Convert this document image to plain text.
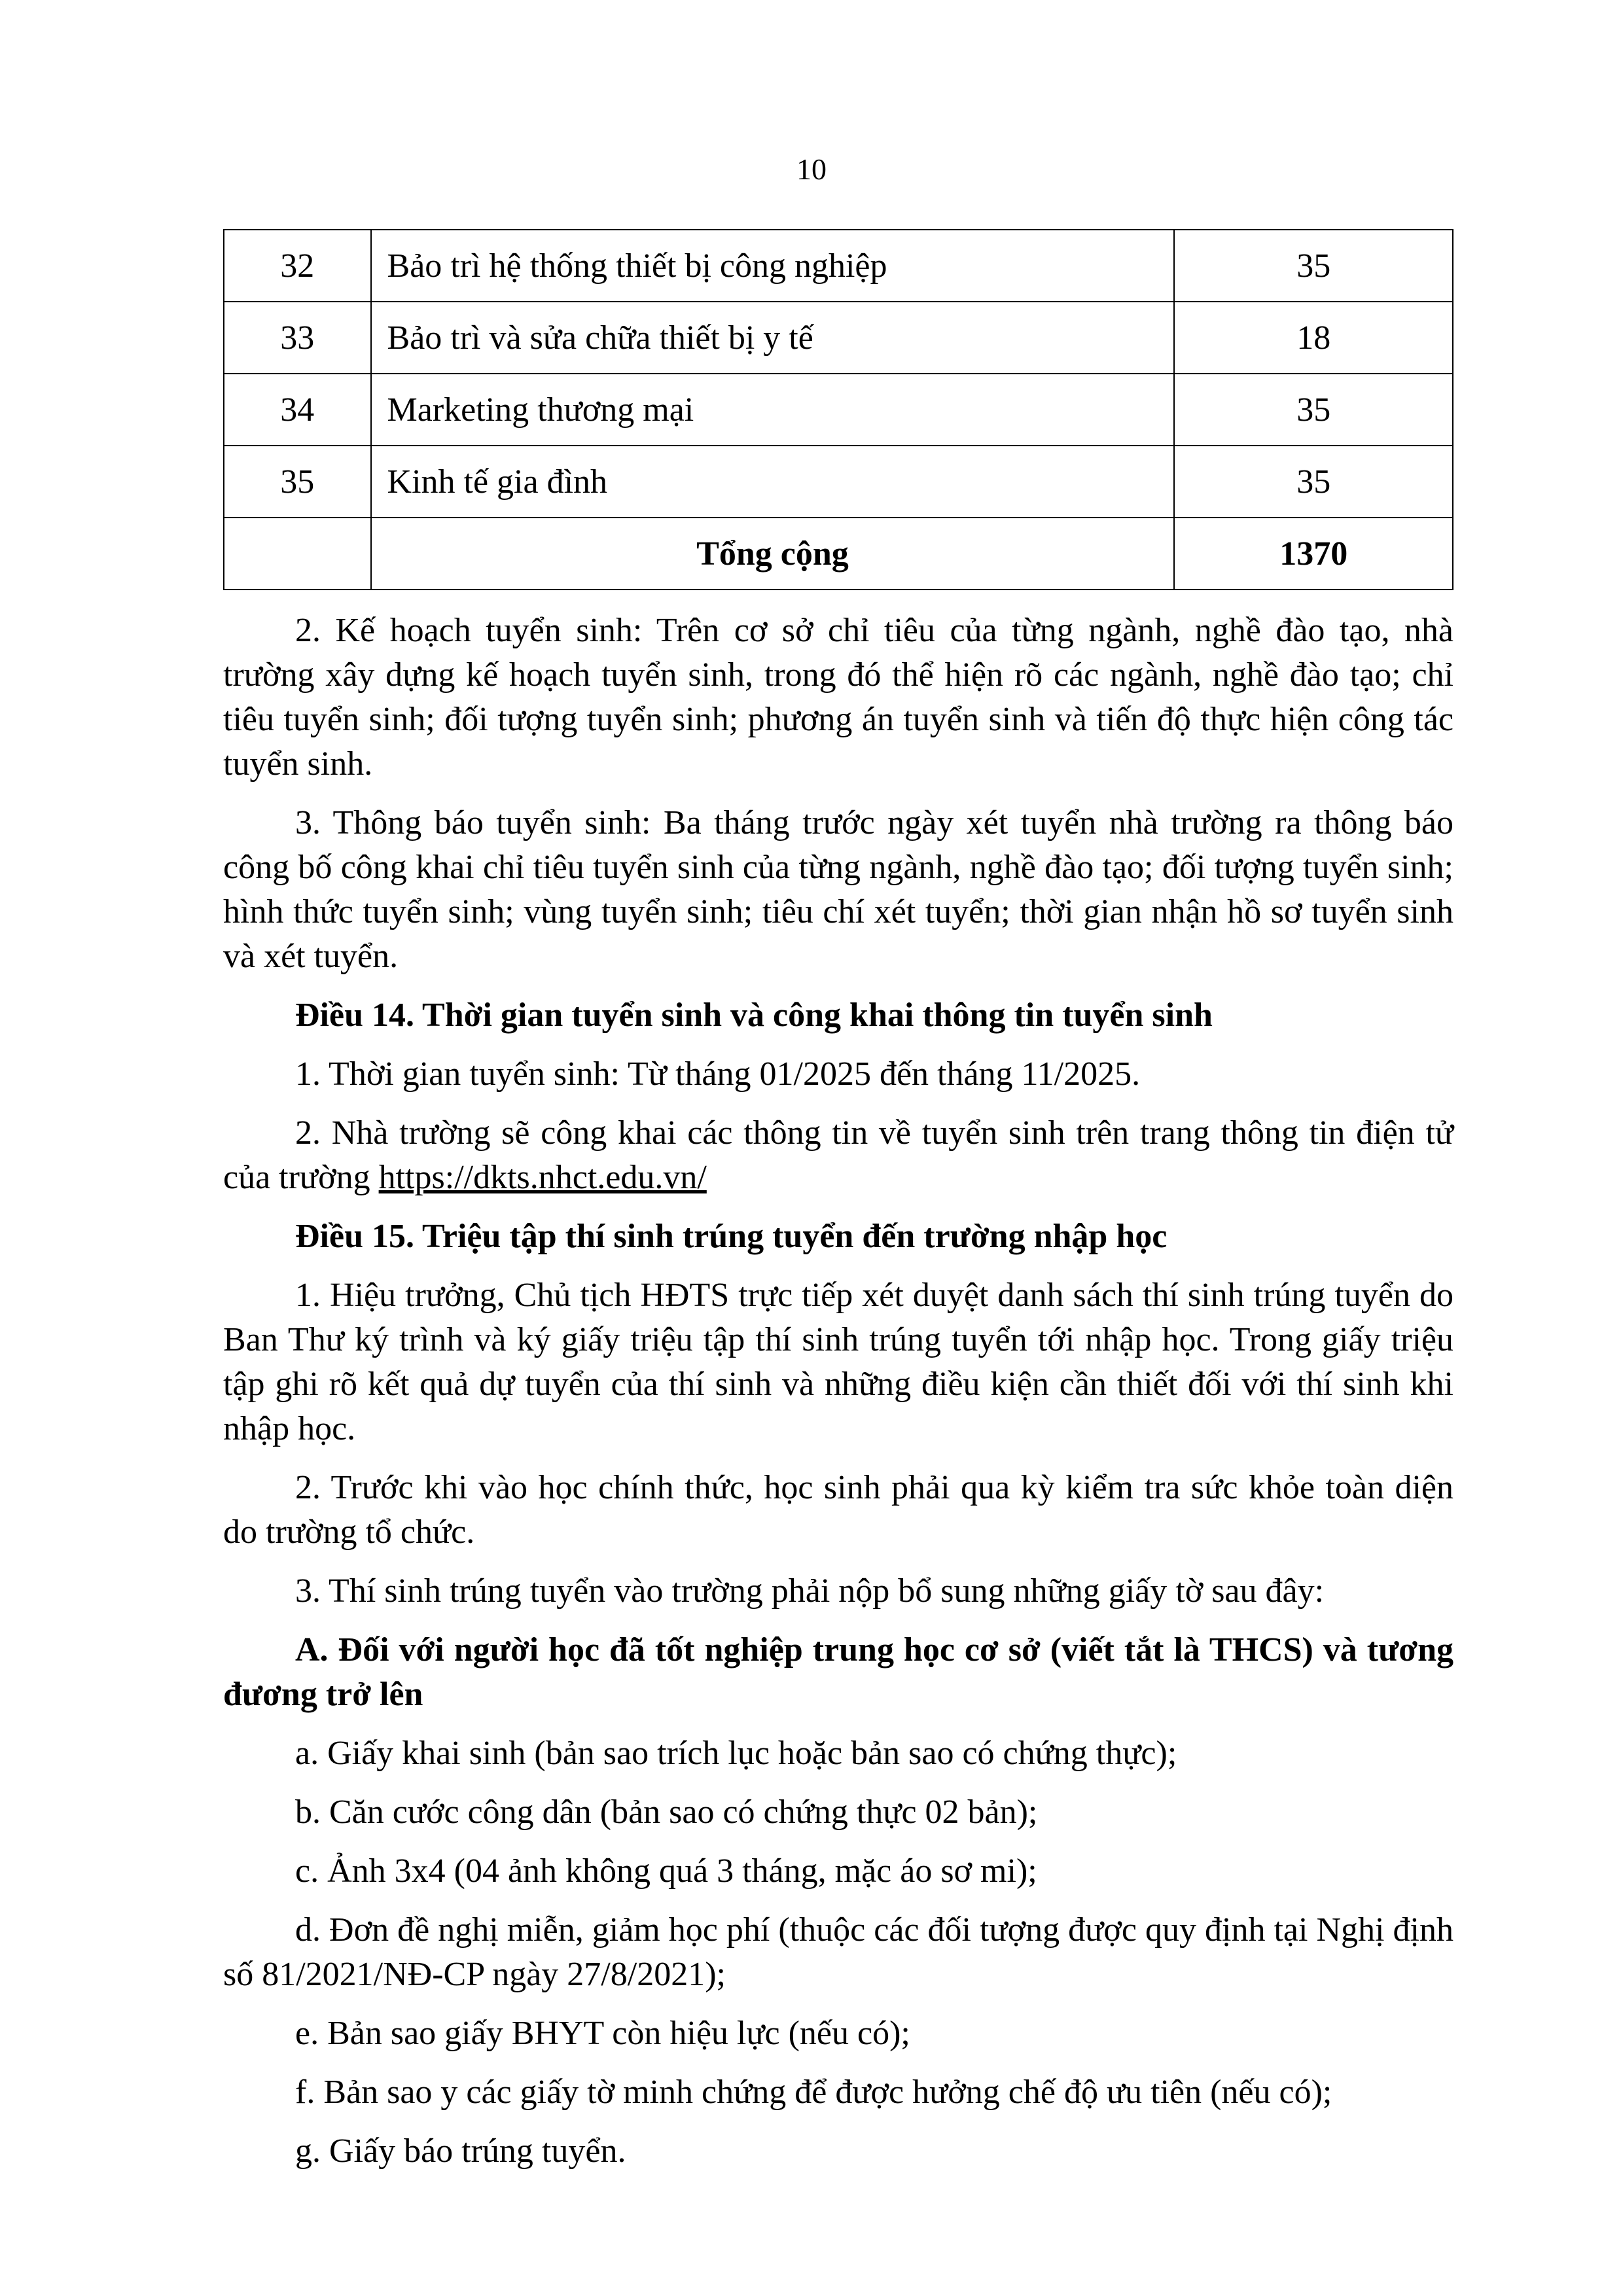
10
32	Bảo trì hệ thống thiết bị công nghiệp	35
33	Bảo trì và sửa chữa thiết bị y tế	18
34	Marketing thương mại	35
35	Kinh tế gia đình	35
	Tổng cộng	1370

2. Kế hoạch tuyển sinh: Trên cơ sở chỉ tiêu của từng ngành, nghề đào tạo, nhà trường xây dựng kế hoạch tuyển sinh, trong đó thể hiện rõ các ngành, nghề đào tạo; chỉ tiêu tuyển sinh; đối tượng tuyển sinh; phương án tuyển sinh và tiến độ thực hiện công tác tuyển sinh.

3. Thông báo tuyển sinh: Ba tháng trước ngày xét tuyển nhà trường ra thông báo công bố công khai chỉ tiêu tuyển sinh của từng ngành, nghề đào tạo; đối tượng tuyển sinh; hình thức tuyển sinh; vùng tuyển sinh; tiêu chí xét tuyển; thời gian nhận hồ sơ tuyển sinh và xét tuyển.

Điều 14. Thời gian tuyển sinh và công khai thông tin tuyển sinh

1. Thời gian tuyển sinh: Từ tháng 01/2025 đến tháng 11/2025.

2. Nhà trường sẽ công khai các thông tin về tuyển sinh trên trang thông tin điện tử của trường https://dkts.nhct.edu.vn/

Điều 15. Triệu tập thí sinh trúng tuyển đến trường nhập học

1. Hiệu trưởng, Chủ tịch HĐTS trực tiếp xét duyệt danh sách thí sinh trúng tuyển do Ban Thư ký trình và ký giấy triệu tập thí sinh trúng tuyển tới nhập học. Trong giấy triệu tập ghi rõ kết quả dự tuyển của thí sinh và những điều kiện cần thiết đối với thí sinh khi nhập học.

2. Trước khi vào học chính thức, học sinh phải qua kỳ kiểm tra sức khỏe toàn diện do trường tổ chức.

3. Thí sinh trúng tuyển vào trường phải nộp bổ sung những giấy tờ sau đây:

A. Đối với người học đã tốt nghiệp trung học cơ sở (viết tắt là THCS) và tương đương trở lên

a. Giấy khai sinh (bản sao trích lục hoặc bản sao có chứng thực);

b. Căn cước công dân (bản sao có chứng thực 02 bản);

c. Ảnh 3x4 (04 ảnh không quá 3 tháng, mặc áo sơ mi);

d. Đơn đề nghị miễn, giảm học phí (thuộc các đối tượng được quy định tại Nghị định số 81/2021/NĐ-CP ngày 27/8/2021);

e. Bản sao giấy BHYT còn hiệu lực (nếu có);

f. Bản sao y các giấy tờ minh chứng để được hưởng chế độ ưu tiên (nếu có);

g. Giấy báo trúng tuyển.
